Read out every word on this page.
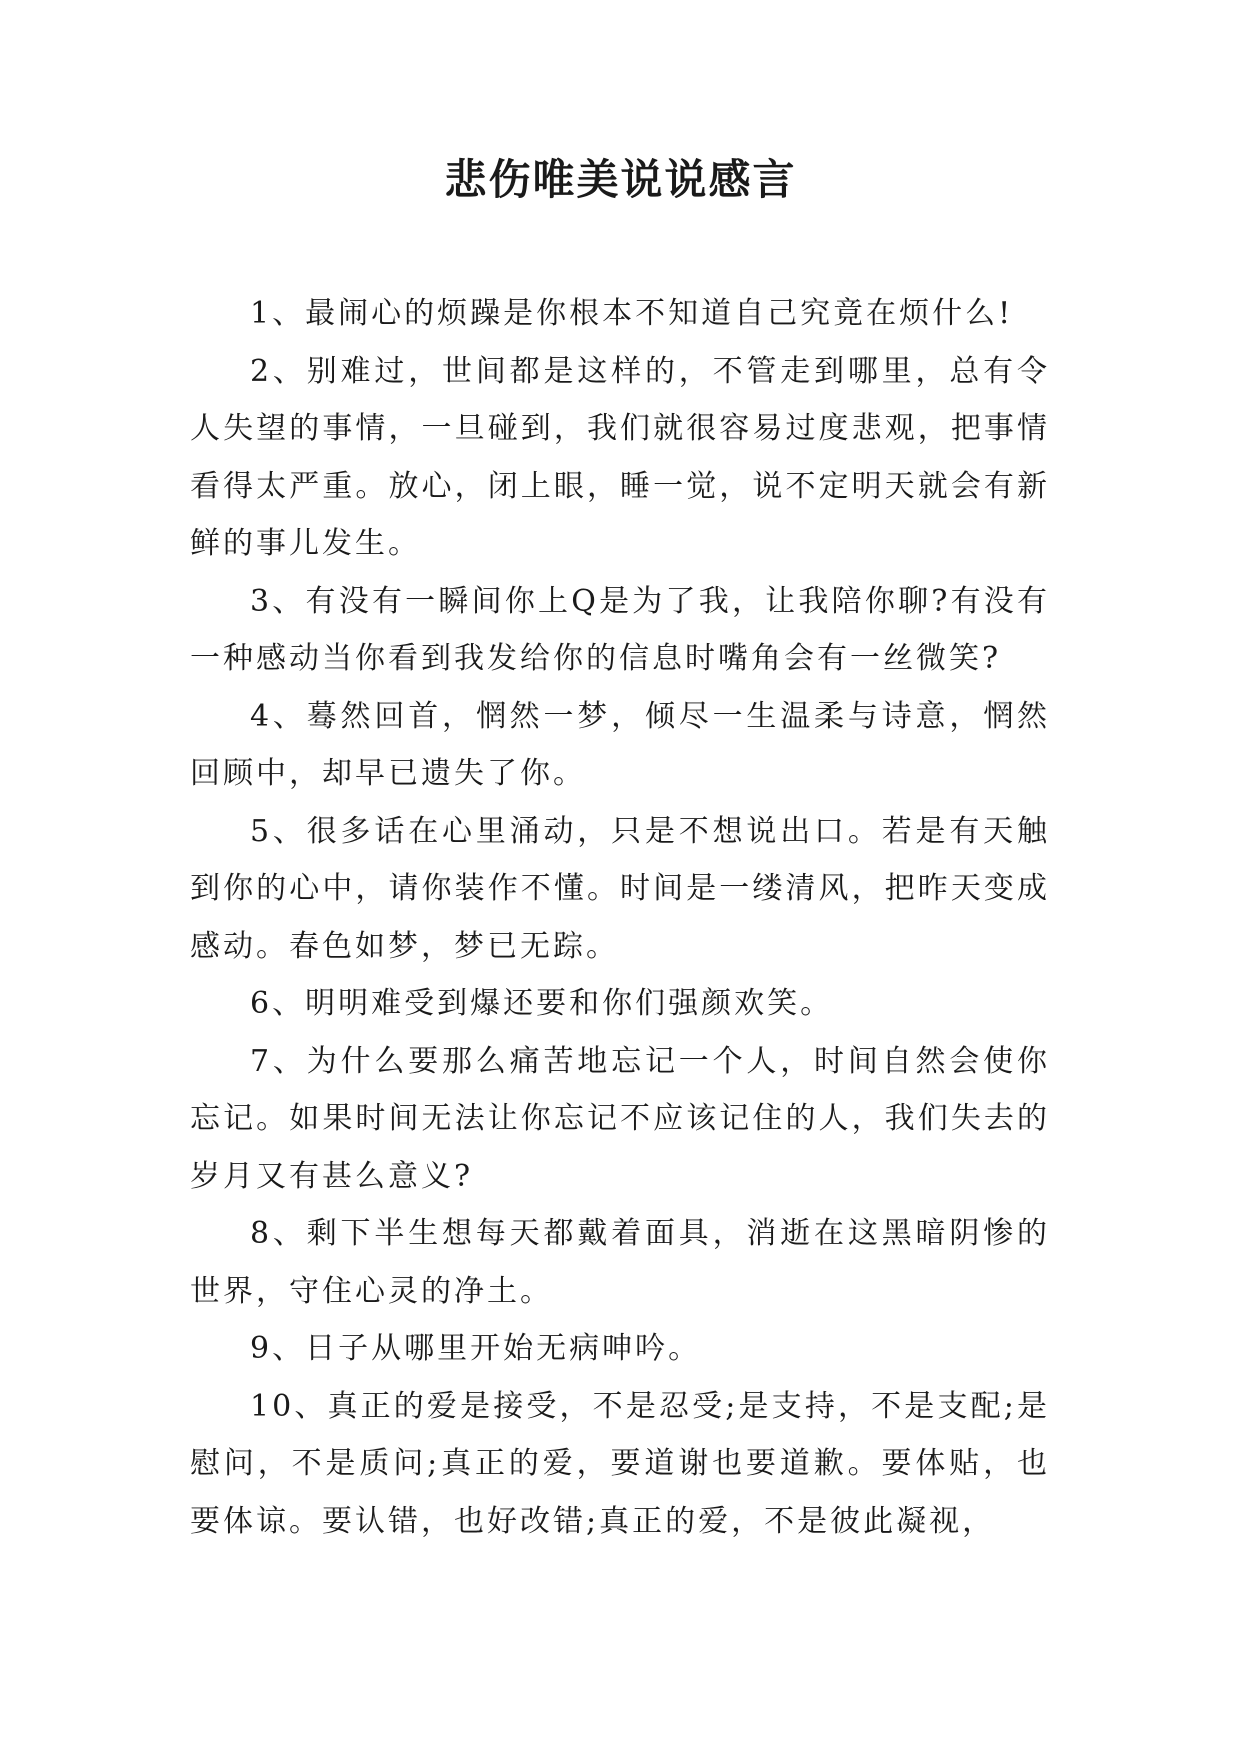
悲伤唯美说说感言

1、最闹心的烦躁是你根本不知道自己究竟在烦什么!

2、别难过，世间都是这样的，不管走到哪里，总有令人失望的事情，一旦碰到，我们就很容易过度悲观，把事情看得太严重。放心，闭上眼，睡一觉，说不定明天就会有新鲜的事儿发生。

3、有没有一瞬间你上Q是为了我，让我陪你聊?有没有一种感动当你看到我发给你的信息时嘴角会有一丝微笑?

4、蓦然回首，惘然一梦，倾尽一生温柔与诗意，惘然回顾中，却早已遗失了你。

5、很多话在心里涌动，只是不想说出口。若是有天触到你的心中，请你装作不懂。时间是一缕清风，把昨天变成感动。春色如梦，梦已无踪。

6、明明难受到爆还要和你们强颜欢笑。

7、为什么要那么痛苦地忘记一个人，时间自然会使你忘记。如果时间无法让你忘记不应该记住的人，我们失去的岁月又有甚么意义?

8、剩下半生想每天都戴着面具，消逝在这黑暗阴惨的世界，守住心灵的净土。

9、日子从哪里开始无病呻吟。

10、真正的爱是接受，不是忍受;是支持，不是支配;是慰问，不是质问;真正的爱，要道谢也要道歉。要体贴，也要体谅。要认错，也好改错;真正的爱，不是彼此凝视，
